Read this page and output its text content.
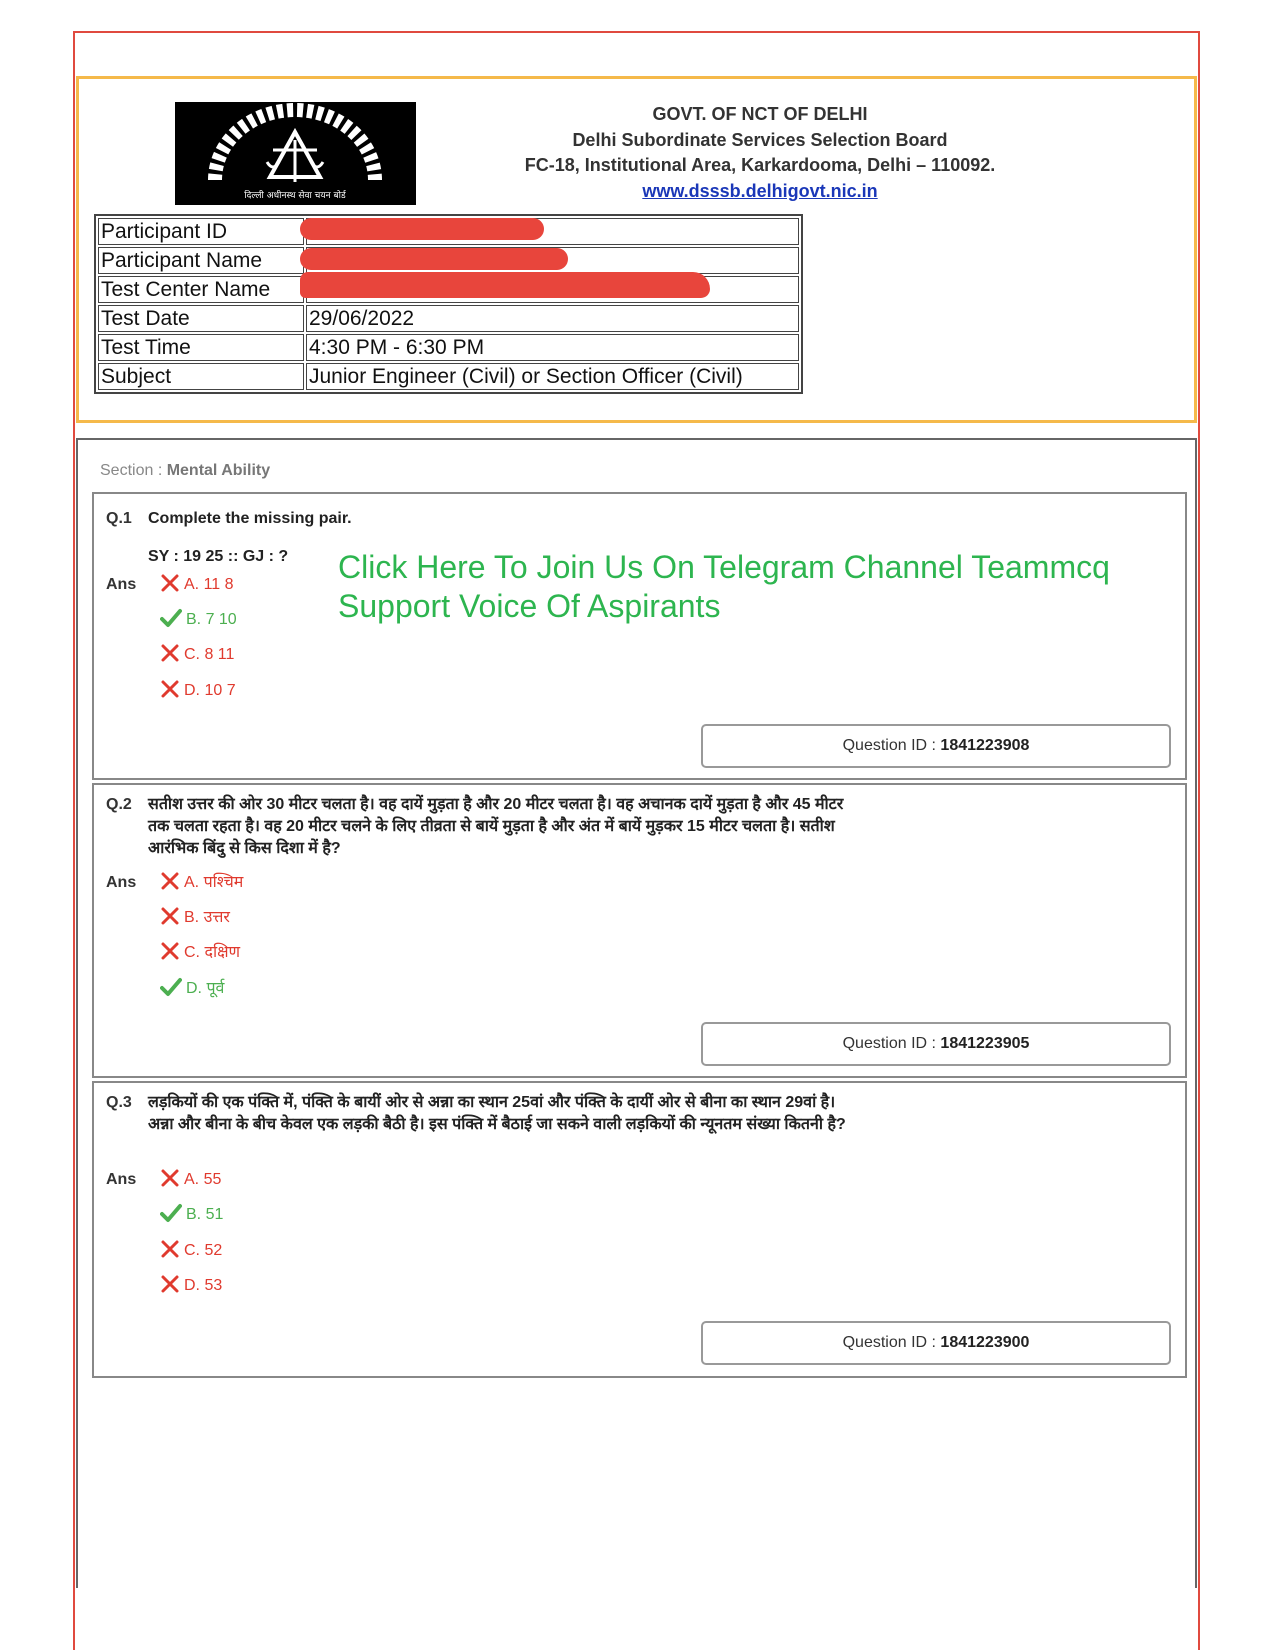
दिल्ली अधीनस्थ सेवा चयन बोर्ड
GOVT. OF NCT OF DELHI
Delhi Subordinate Services Selection Board
FC-18, Institutional Area, Karkardooma, Delhi – 110092.
www.dsssb.delhigovt.nic.in
Participant ID	
Participant Name	
Test Center Name	
Test Date	29/06/2022
Test Time	4:30 PM - 6:30 PM
Subject	Junior Engineer (Civil) or Section Officer (Civil)
Section : Mental Ability
Q.1 Complete the missing pair.
SY : 19 25 :: GJ : ?
Ans	A. 11 8
B. 7 10
C. 8 11
D. 10 7
Question ID : 1841223908
Click Here To Join Us On Telegram Channel Teammcq Support Voice Of Aspirants
Q.2 सतीश उत्तर की ओर 30 मीटर चलता है। वह दायें मुड़ता है और 20 मीटर चलता है। वह अचानक दायें मुड़ता है और 45 मीटर तक चलता रहता है। वह 20 मीटर चलने के लिए तीव्रता से बायें मुड़ता है और अंत में बायें मुड़कर 15 मीटर चलता है। सतीश आरंभिक बिंदु से किस दिशा में है?
Ans	A. पश्चिम
B. उत्तर
C. दक्षिण
D. पूर्व
Question ID : 1841223905
Q.3 लड़कियों की एक पंक्ति में, पंक्ति के बायीं ओर से अन्ना का स्थान 25वां और पंक्ति के दायीं ओर से बीना का स्थान 29वां है। अन्ना और बीना के बीच केवल एक लड़की बैठी है। इस पंक्ति में बैठाई जा सकने वाली लड़कियों की न्यूनतम संख्या कितनी है?
Ans	A. 55
B. 51
C. 52
D. 53
Question ID : 1841223900
